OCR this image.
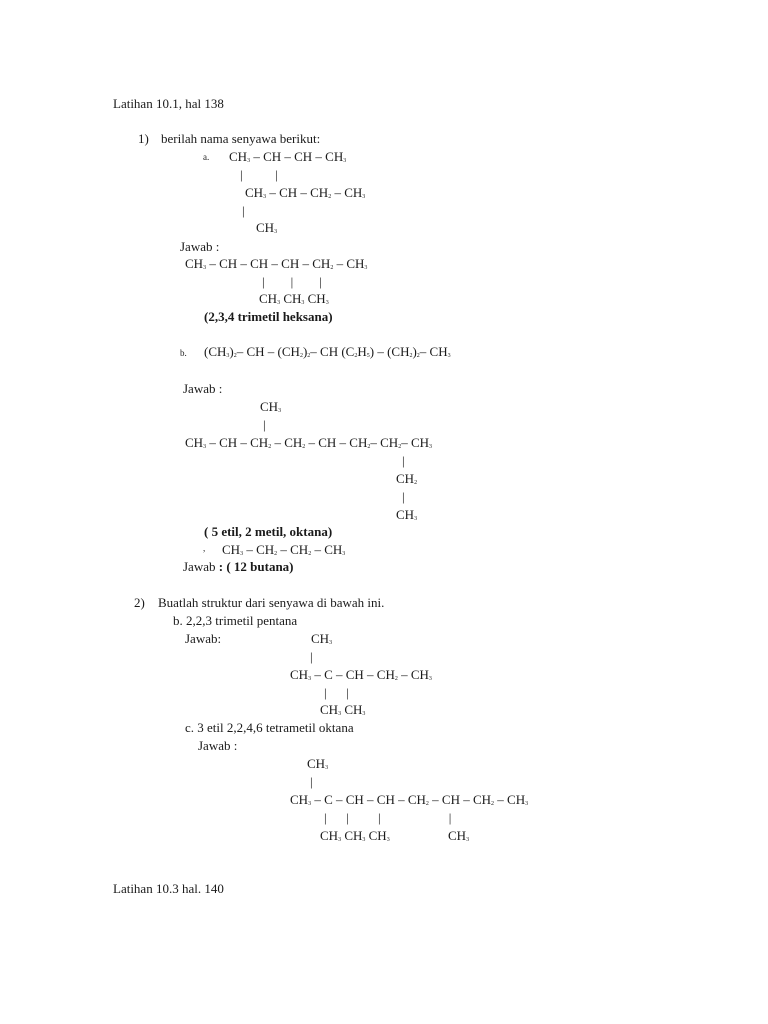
Latihan 10.1, hal 138
1) berilah nama senyawa berikut:
a. $CH_3$ – CH – CH – $CH_3$
|          |
$CH_3$ – CH – $CH_2 - CH_3$
|
$CH_3$
Jawab :
$CH_3$ – CH – CH – CH – $CH_2 - CH_3$
|        |        |
$CH_3$ $CH_3$ $CH_3$
(2,3,4 trimetil heksana)
b. $(CH_3)_2-$ CH – $(CH_2)_2-$ CH $(C_2H_5) - (CH_2)_2-$ $CH_3$
Jawab :
$CH_3$
|
$CH_3$ – CH – $CH_2 - CH_2$ – CH – $CH_2-$ $CH_2-$ $CH_3$
|
$CH_2$
|
$CH_3$
( 5 etil, 2 metil, oktana)
, $CH_3 - CH_2 - CH_2 - CH_3$
Jawab : ( 12 butana)
2) Buatlah struktur dari senyawa di bawah ini.
b. 2,2,3 trimetil pentana
Jawab:	$CH_3$
|
$CH_3$ – C – CH – $CH_2 - CH_3$
|      |
$CH_3$ $CH_3$
c. 3 etil 2,2,4,6 tetrametil oktana
Jawab :
$CH_3$
|
$CH_3$ – C – CH – CH – $CH_2$ – CH – $CH_2 - CH_3$
|      |         |                     |
$CH_3$ $CH_3$ $CH_3$	$CH_3$
Latihan 10.3 hal. 140
